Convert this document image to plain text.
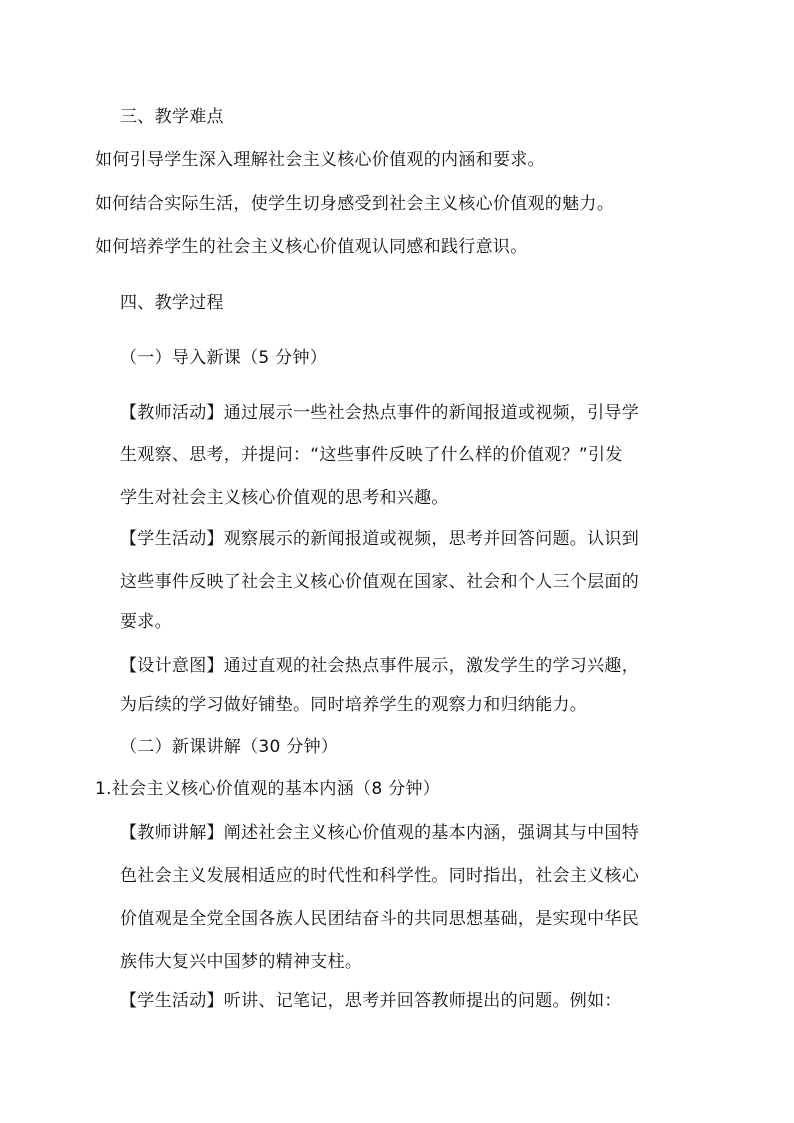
三、教学难点
如何引导学生深入理解社会主义核心价值观的内涵和要求。
如何结合实际生活，使学生切身感受到社会主义核心价值观的魅力。
如何培养学生的社会主义核心价值观认同感和践行意识。
四、教学过程
（一）导入新课（5 分钟）
【教师活动】通过展示一些社会热点事件的新闻报道或视频，引导学
生观察、思考，并提问：“这些事件反映了什么样的价值观？”引发
学生对社会主义核心价值观的思考和兴趣。
【学生活动】观察展示的新闻报道或视频，思考并回答问题。认识到
这些事件反映了社会主义核心价值观在国家、社会和个人三个层面的
要求。
【设计意图】通过直观的社会热点事件展示，激发学生的学习兴趣，
为后续的学习做好铺垫。同时培养学生的观察力和归纳能力。
（二）新课讲解（30 分钟）
1.社会主义核心价值观的基本内涵（8 分钟）
【教师讲解】阐述社会主义核心价值观的基本内涵，强调其与中国特
色社会主义发展相适应的时代性和科学性。同时指出，社会主义核心
价值观是全党全国各族人民团结奋斗的共同思想基础，是实现中华民
族伟大复兴中国梦的精神支柱。
【学生活动】听讲、记笔记，思考并回答教师提出的问题。例如：
